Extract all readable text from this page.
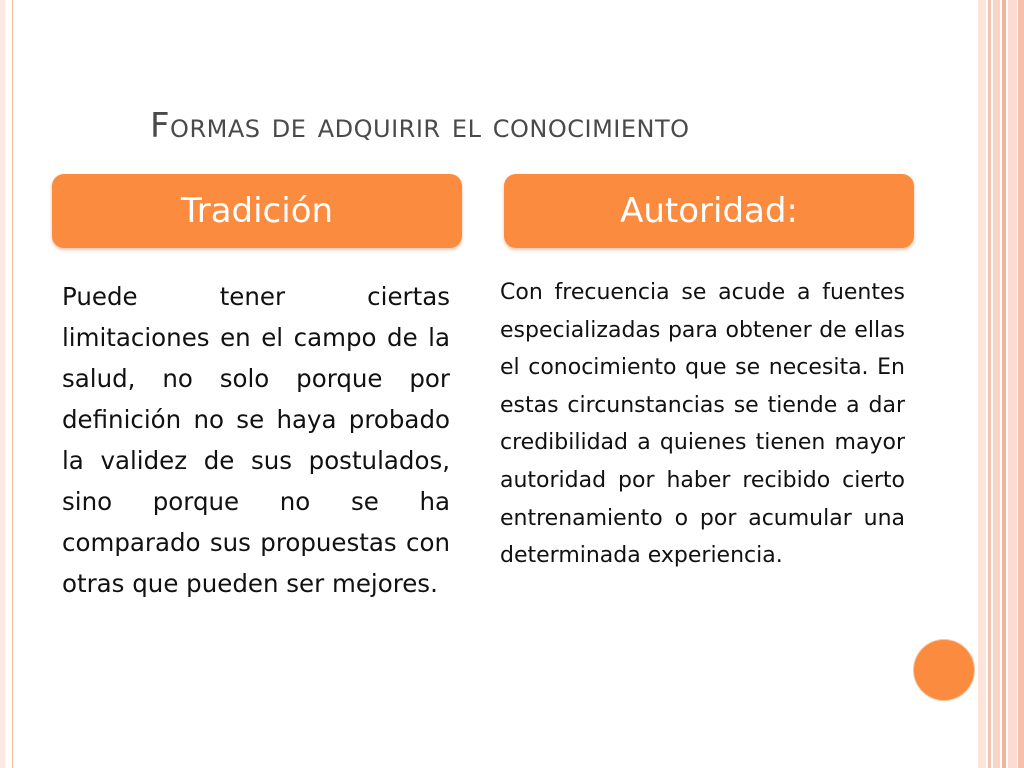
Formas de adquirir el conocimiento
Tradición	Autoridad:
Puede tener ciertas limitaciones en el campo de la salud, no solo porque por definición no se haya probado la validez de sus postulados, sino porque no se ha comparado sus propuestas con otras que pueden ser mejores.
Con frecuencia se acude a fuentes especializadas para obtener de ellas el conocimiento que se necesita. En estas circunstancias se tiende a dar credibilidad a quienes tienen mayor autoridad por haber recibido cierto entrenamiento o por acumular una determinada experiencia.
